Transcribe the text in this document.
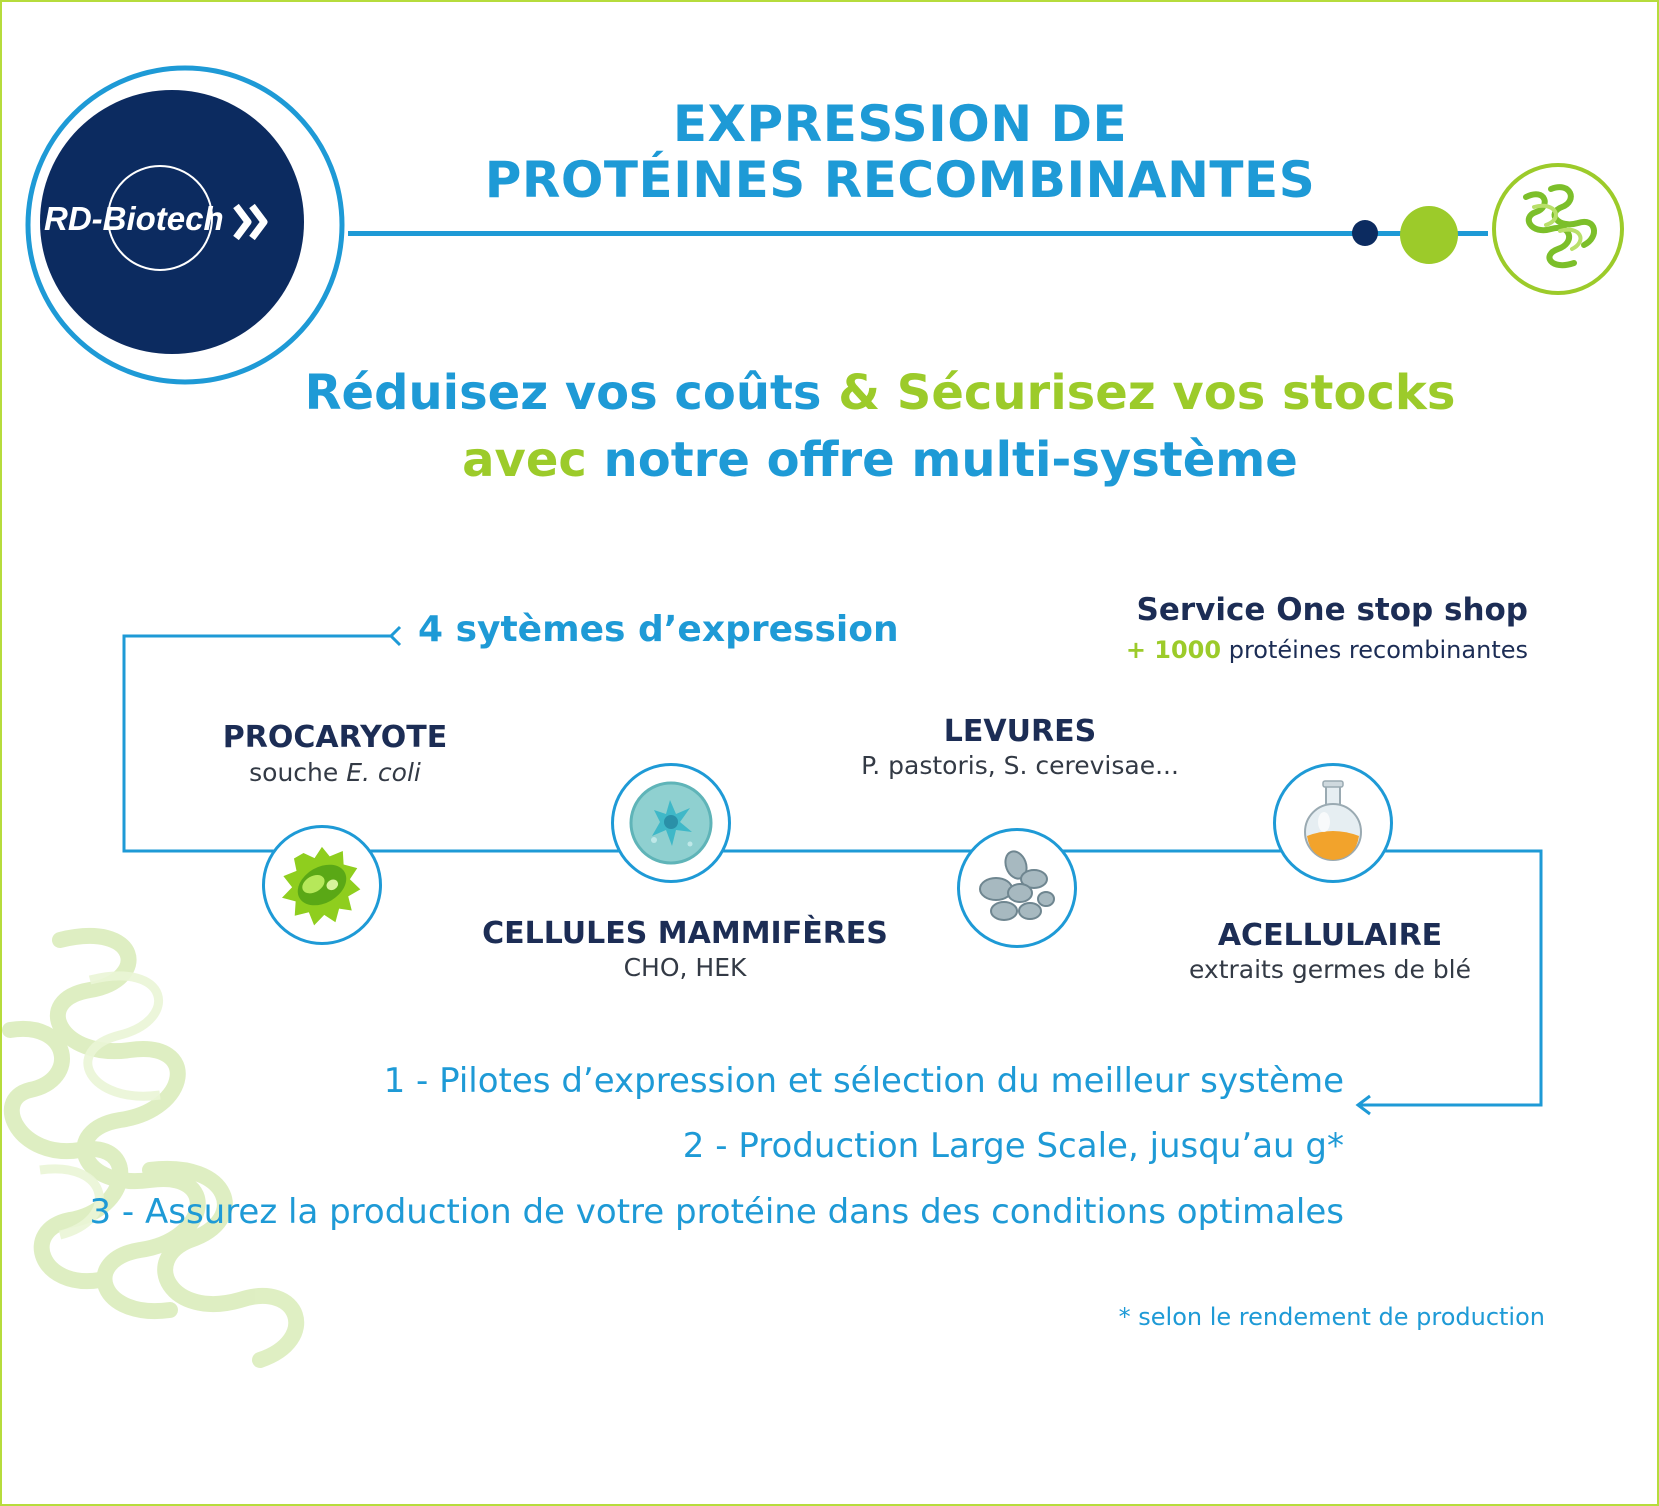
RD-Biotech
EXPRESSION DE
PROTÉINES RECOMBINANTES
Réduisez vos coûts & Sécurisez vos stocks
avec notre offre multi-système
4 sytèmes d’expression	Service One stop shop
+ 1000 protéines recombinantes
PROCARYOTE
souche E. coli
CELLULES MAMMIFÈRES
CHO, HEK
LEVURES
P. pastoris, S. cerevisae...
ACELLULAIRE
extraits germes de blé
1 - Pilotes d’expression et sélection du meilleur système
2 - Production Large Scale, jusqu’au g*
3 - Assurez la production de votre protéine dans des conditions optimales
* selon le rendement de production
